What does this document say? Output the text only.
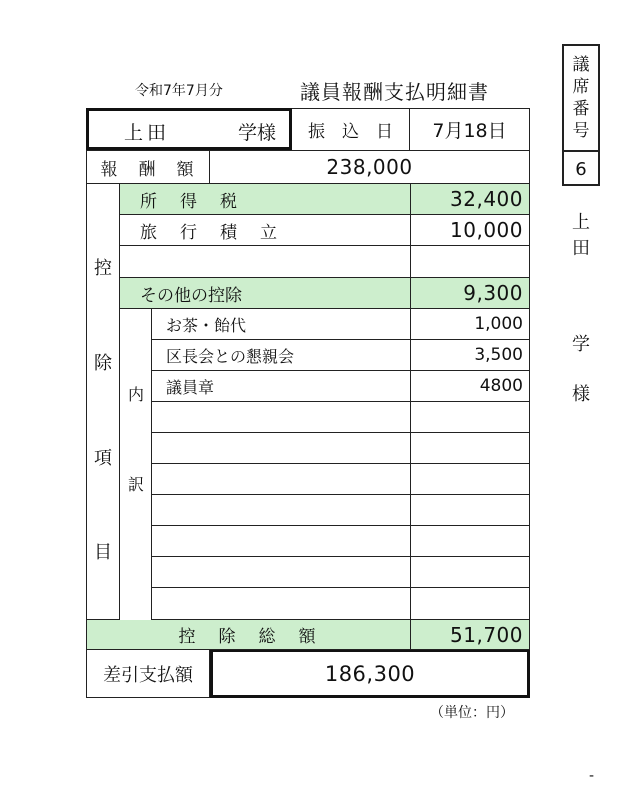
令和7年7月分	議員報酬支払明細書
上田	学様	振　込　日	7月18日
報　酬　額	238,000
控
除
項
目
所　得　税	32,400
旅　行　積　立	10,000
その他の控除	9,300
内
訳
お茶・飴代	1,000
区長会との懇親会	3,500
議員章	4800
控　除　総　額	51,700
差引支払額	186,300
（単位：円）
議
席
番
号
6
上
田
学
様
-
